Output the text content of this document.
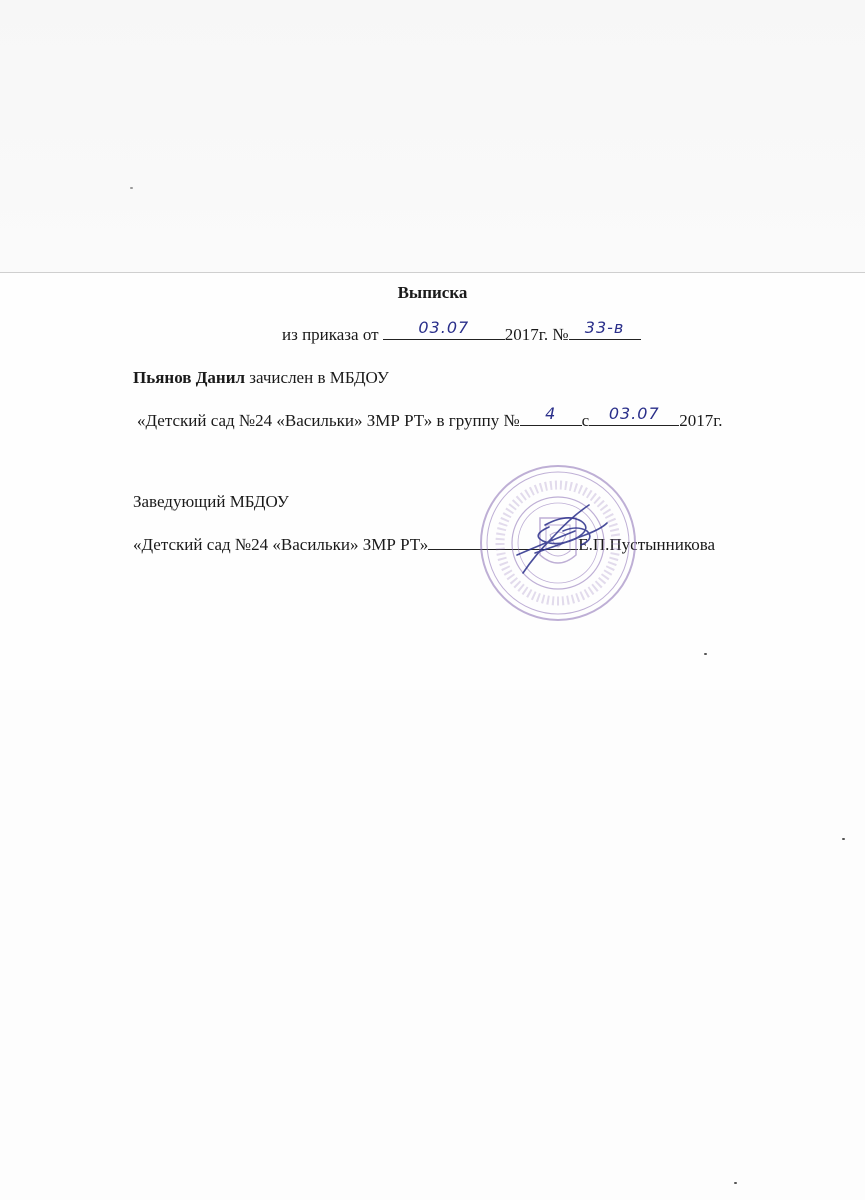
Выписка
из приказа от	03.07	2017г. №	33-в
Пьянов Данил зачислен в МБДОУ
«Детский сад №24 «Васильки» ЗМР РТ» в группу №	4	с	03.07	2017г.
Заведующий МБДОУ
«Детский сад №24 «Васильки» ЗМР РТ»	Е.П.Пустынникова
